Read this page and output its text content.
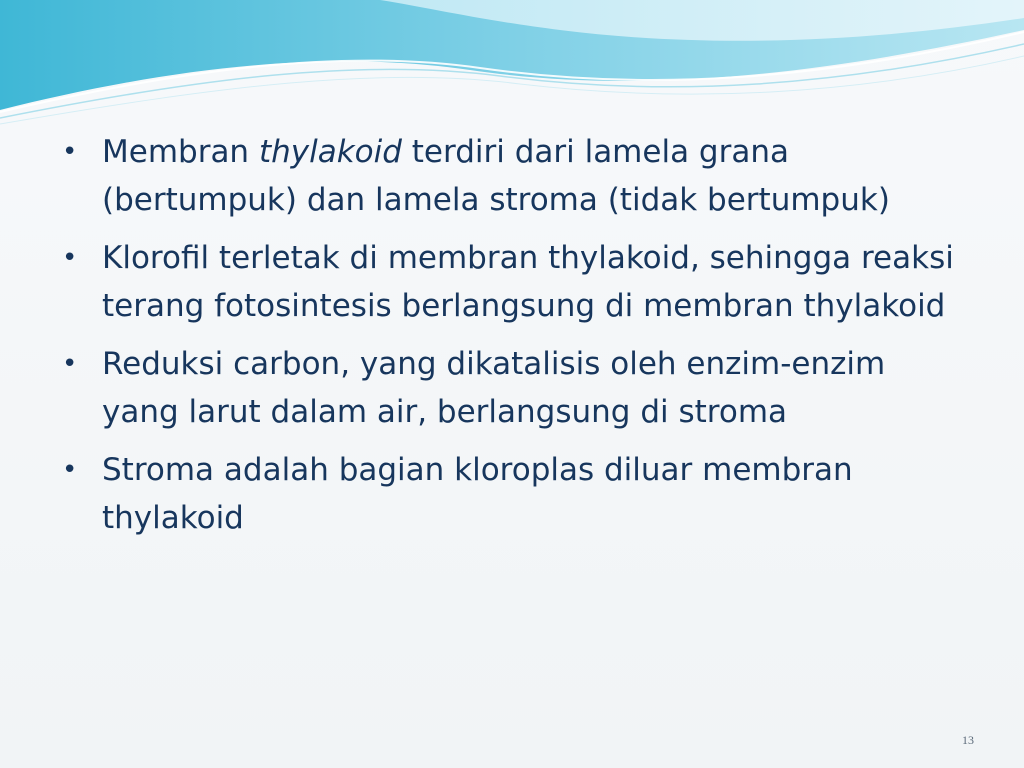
• Membran thylakoid terdiri dari lamela grana (bertumpuk) dan lamela stroma (tidak bertumpuk)
• Klorofil terletak di membran thylakoid, sehingga reaksi terang fotosintesis berlangsung di membran thylakoid
• Reduksi carbon, yang dikatalisis oleh enzim-enzim yang larut dalam air, berlangsung di stroma
• Stroma adalah bagian kloroplas diluar membran thylakoid
13
